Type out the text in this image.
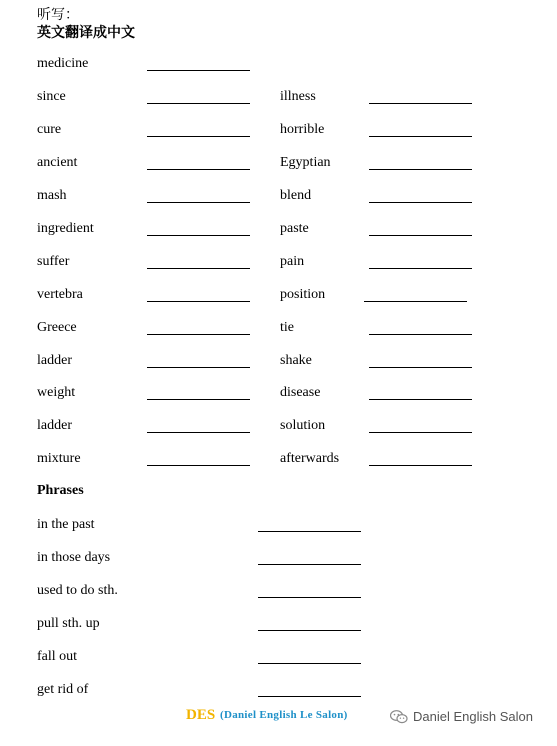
听写：
英文翻译成中文
medicine
since	illness
cure	horrible
ancient	Egyptian
mash	blend
ingredient	paste
suffer	pain
vertebra	position
Greece	tie
ladder	shake
weight	disease
ladder	solution
mixture	afterwards
Phrases
in the past
in those days
used to do sth.
pull sth. up
fall out
get rid of
DES (Daniel English Le Salon)	Daniel English Salon
